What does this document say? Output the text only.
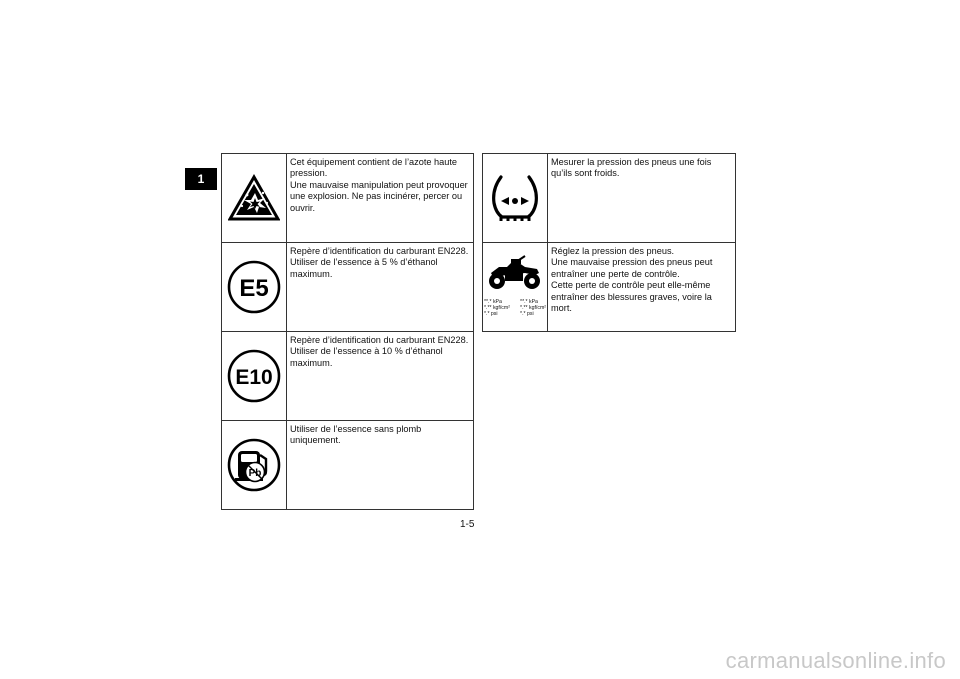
1
Cet équipement contient de l’azote haute
pression.
Une mauvaise manipulation peut provoquer
une explosion. Ne pas incinérer, percer ou
ouvrir.
E5
Repère d’identification du carburant EN228.
Utiliser de l’essence à 5 % d’éthanol
maximum.
E10
Repère d’identification du carburant EN228.
Utiliser de l’essence à 10 % d’éthanol
maximum.
Pb
Utiliser de l’essence sans plomb
uniquement.
Mesurer la pression des pneus une fois
qu’ils sont froids.
**.* kPa
*.** kgf/cm²
*.* psi
**.* kPa
*.** kgf/cm²
*.* psi
Réglez la pression des pneus.
Une mauvaise pression des pneus peut
entraîner une perte de contrôle.
Cette perte de contrôle peut elle-même
entraîner des blessures graves, voire la
mort.
1-5
carmanualsonline.info
